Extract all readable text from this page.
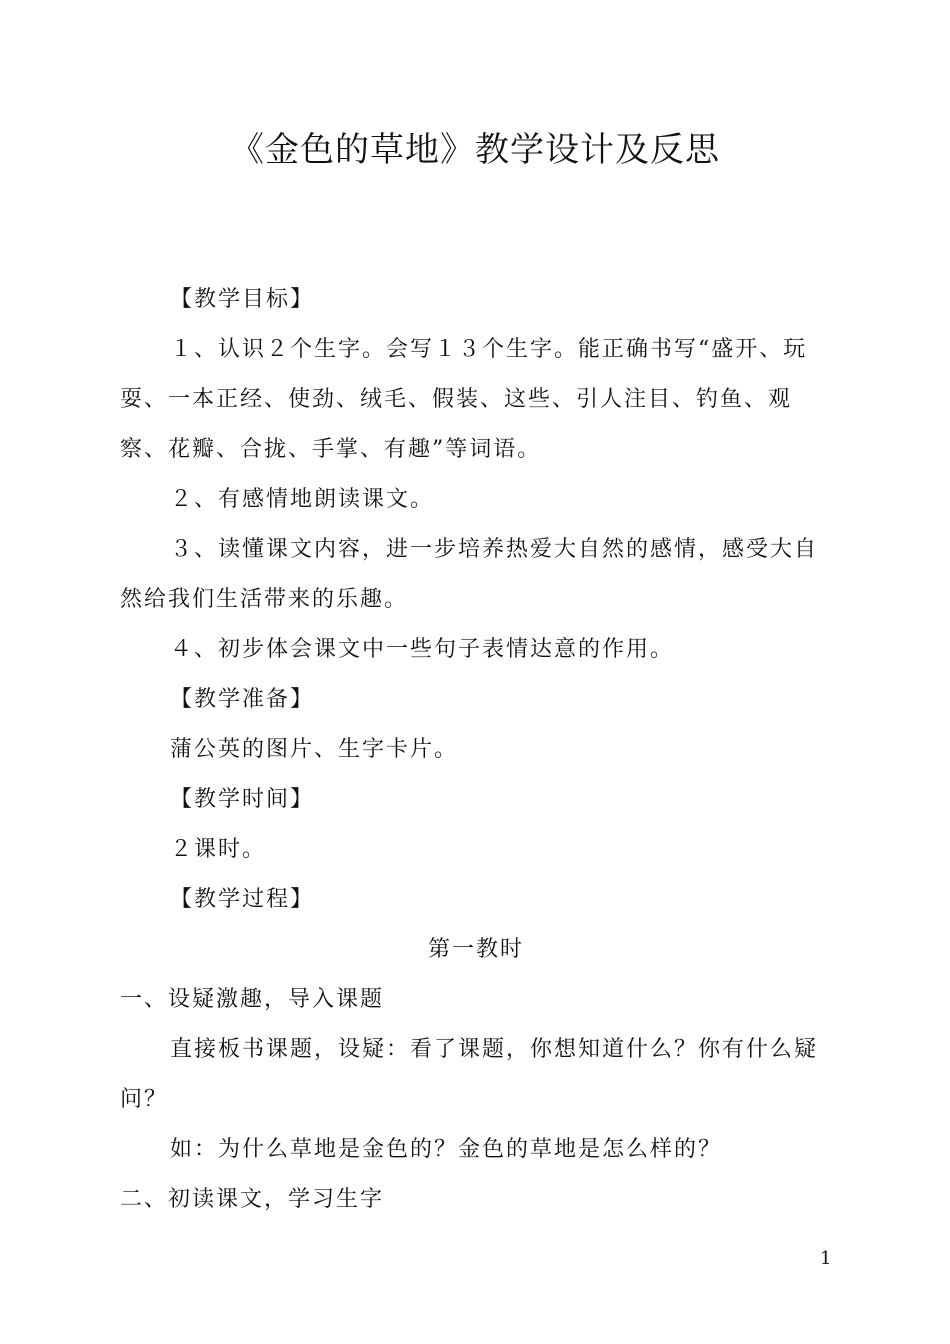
《金色的草地》教学设计及反思

【教学目标】

１、认识２个生字。会写１３个生字。能正确书写“盛开、玩耍、一本正经、使劲、绒毛、假装、这些、引人注目、钓鱼、观察、花瓣、合拢、手掌、有趣”等词语。

２、有感情地朗读课文。

３、读懂课文内容，进一步培养热爱大自然的感情，感受大自然给我们生活带来的乐趣。

４、初步体会课文中一些句子表情达意的作用。

【教学准备】

蒲公英的图片、生字卡片。

【教学时间】

２课时。

【教学过程】

第一教时

一、设疑激趣，导入课题

直接板书课题，设疑：看了课题，你想知道什么？你有什么疑问？

如：为什么草地是金色的？金色的草地是怎么样的？

二、初读课文，学习生字

1
